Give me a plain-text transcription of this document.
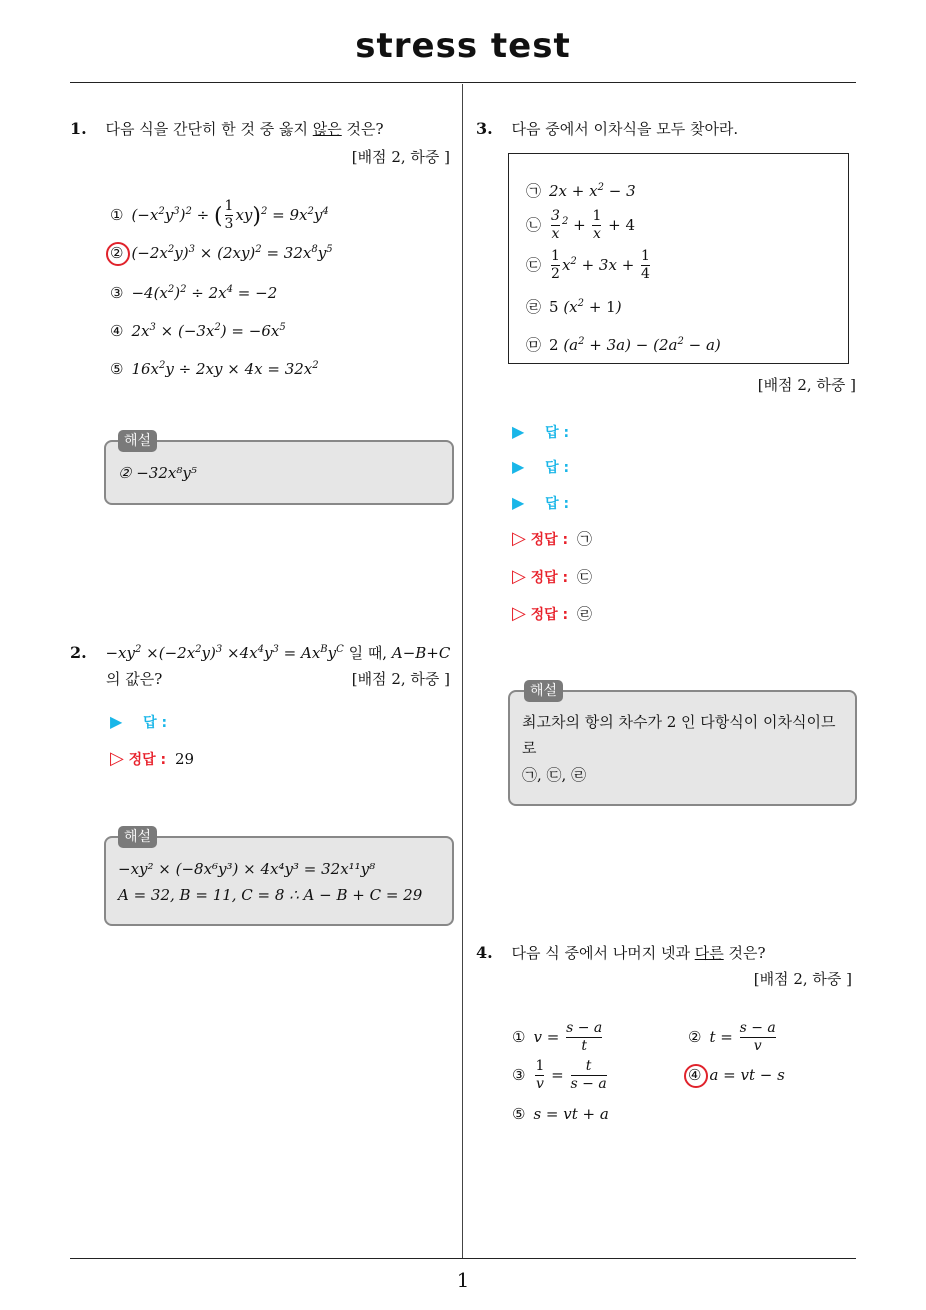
stress test
1
1. 다음 식을 간단히 한 것 중 옳지 않은 것은?
[배점 2, 하중 ]
① $(-x^2y^3)^2$ ÷ ( $\frac{1}{3} xy)^2 = 9x^2y^4$
② $(-2x^2y)^3 \times (2xy)^2 = 32x^8y^5$
③ $-4(x^2)^2 \div 2x^4 = -2$
④ $2x^3 \times (-3x^2) = -6x^5$
⑤ $16x^2y \div 2xy \times 4x = 32x^2$
해설
② −32x⁸y⁵
2. $-xy^2 \times(-2x^2y)^3 \times 4x^4y^3 = Ax^By^C$ 일 때, A−B+C
의 값은?	[배점 2, 하중 ]
▶ 답 :
▷ 정답 : 29
해설
−xy² × (−8x⁶y³) × 4x⁴y³ = 32x¹¹y⁸
A = 32, B = 11, C = 8 ∴ A − B + C = 29
3. 다음 중에서 이차식을 모두 찾아라.
㉠ $2x + x^2 - 3$
㉡ $\frac{3}{x} ^2 + \frac{1}{x} + 4$
㉢ $\frac{1}{2} x^2 + 3x + \frac{1}{4}$
㉣ 5 $(x^2 + 1)$
㉤ 2 $(a^2 + 3a) - (2a^2 - a)$
[배점 2, 하중 ]
▶ 답 :
▶ 답 :
▶ 답 :
▷ 정답 : ㉠
▷ 정답 : ㉢
▷ 정답 : ㉣
해설
최고차의 항의 차수가 2 인 다항식이 이차식이므
로
㉠, ㉢, ㉣
4. 다음 식 중에서 나머지 넷과 다른 것은?
[배점 2, 하중 ]
① $v = \frac{s - a}{t}$	② $t = \frac{s - a}{v}$
③ $\frac{1}{v} = \frac{t}{s - a}$	④ a = vt − s
⑤ s = vt + a
